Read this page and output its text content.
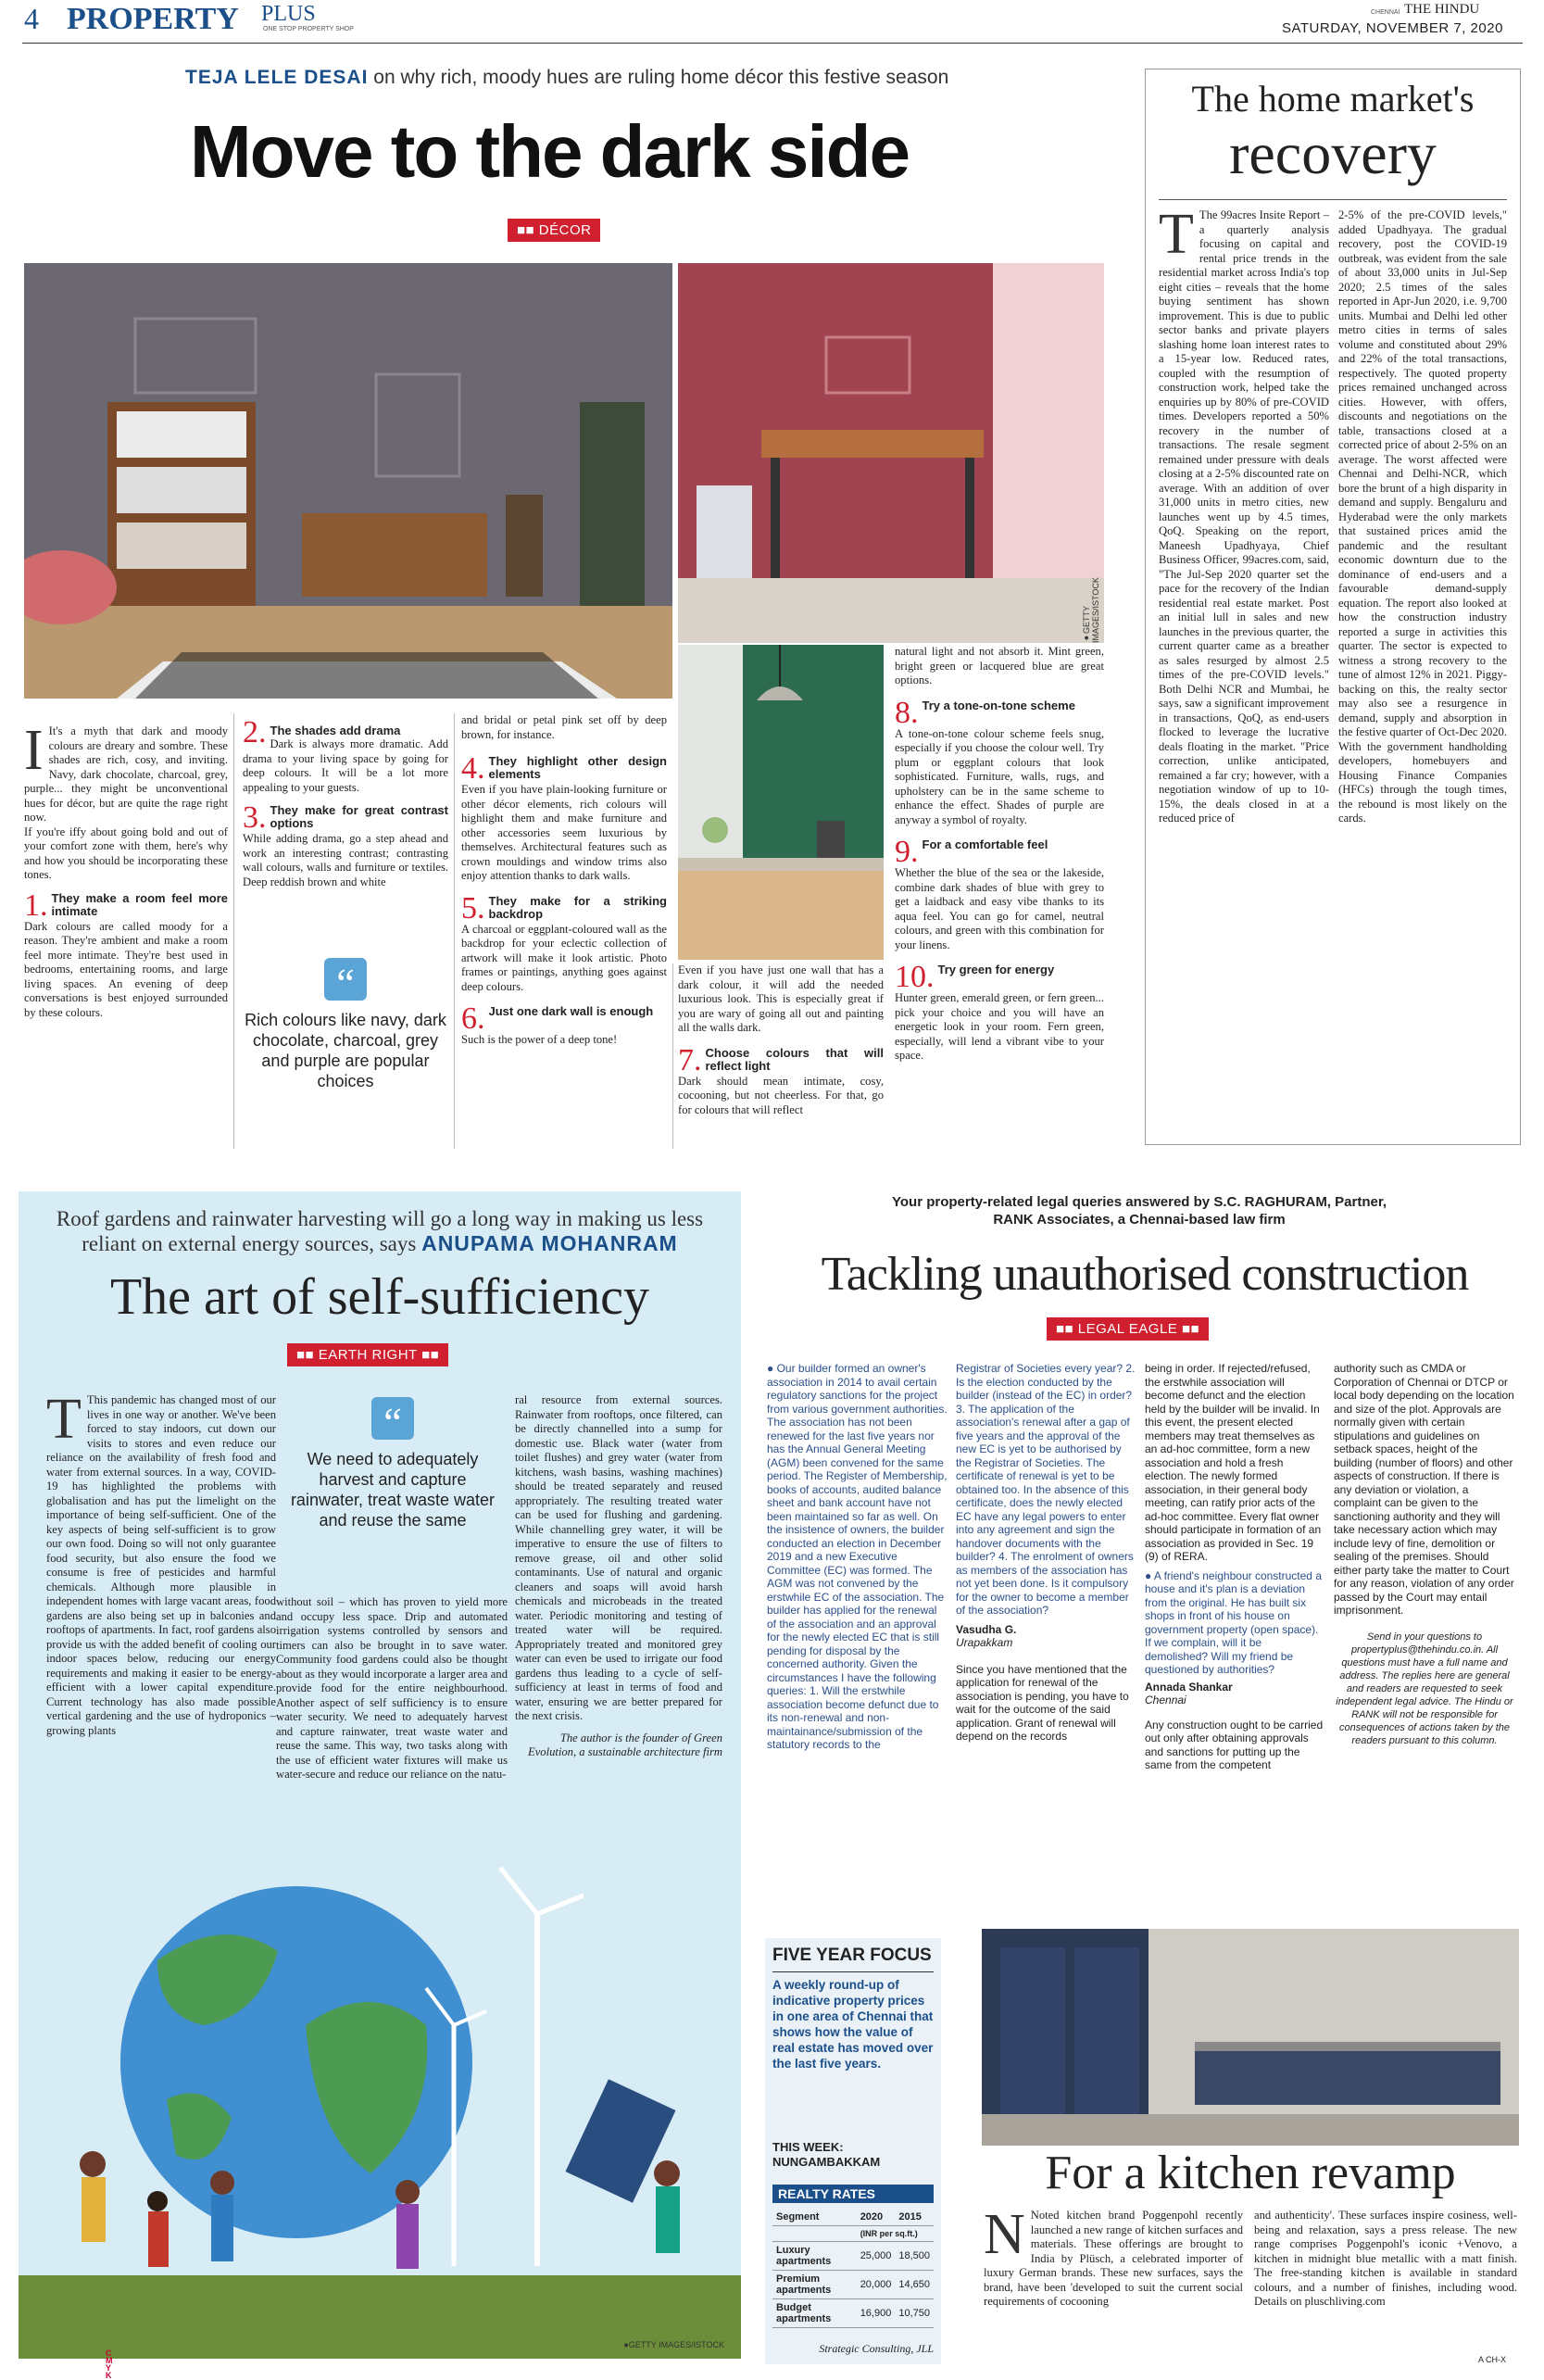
4 PROPERTY PLUS
ONE STOP PROPERTY SHOP
CHENNAI THE HINDU
SATURDAY, NOVEMBER 7, 2020
TEJA LELE DESAI on why rich, moody hues are ruling home décor this festive season
Move to the dark side
■■ DÉCOR
●GETTY IMAGES/ISTOCK
I It's a myth that dark and moody colours are dreary and sombre. These shades are rich, cosy, and inviting. Navy, dark chocolate, charcoal, grey, purple... they might be unconventional hues for décor, but are quite the rage right now.

If you're iffy about going bold and out of your comfort zone with them, here's why and how you should be incorporating these tones.

1. They make a room feel more intimate

Dark colours are called moody for a reason. They're ambient and make a room feel more intimate. They're best used in bedrooms, entertaining rooms, and large living spaces. An evening of deep conversations is best enjoyed surrounded by these colours.

2. The shades add drama

Dark is always more dramatic. Add drama to your living space by going for deep colours. It will be a lot more appealing to your guests.

3. They make for great contrast options

While adding drama, go a step ahead and work an interesting contrast; contrasting wall colours, walls and furniture or textiles. Deep reddish brown and white

“
Rich colours like navy, dark chocolate, charcoal, grey and purple are popular choices

and bridal or petal pink set off by deep brown, for instance.

4. They highlight other design elements

Even if you have plain-looking furniture or other décor elements, rich colours will highlight them and make furniture and other accessories seem luxurious by themselves. Architectural features such as crown mouldings and window trims also enjoy attention thanks to dark walls.

5. They make for a striking backdrop

A charcoal or eggplant-coloured wall as the backdrop for your eclectic collection of artwork will make it look artistic. Photo frames or paintings, anything goes against deep colours.

6. Just one dark wall is enough

Such is the power of a deep tone!

Even if you have just one wall that has a dark colour, it will add the needed luxurious look. This is especially great if you are wary of going all out and painting all the walls dark.

7. Choose colours that will reflect light

Dark should mean intimate, cosy, cocooning, but not cheerless. For that, go for colours that will reflect

natural light and not absorb it. Mint green, bright green or lacquered blue are great options.

8. Try a tone-on-tone scheme

A tone-on-tone colour scheme feels snug, especially if you choose the colour well. Try plum or eggplant colours that look sophisticated. Furniture, walls, rugs, and upholstery can be in the same scheme to enhance the effect. Shades of purple are anyway a symbol of royalty.

9. For a comfortable feel

Whether the blue of the sea or the lakeside, combine dark shades of blue with grey to get a laidback and easy vibe thanks to its aqua feel. You can go for camel, neutral colours, and green with this combination for your linens.

10. Try green for energy

Hunter green, emerald green, or fern green... pick your choice and you will have an energetic look in your room. Fern green, especially, will lend a vibrant vibe to your space.

The home market's
recovery
T The 99acres Insite Report – a quarterly analysis focusing on capital and rental price trends in the residential market across India's top eight cities – reveals that the home buying sentiment has shown improvement. This is due to public sector banks and private players slashing home loan interest rates to a 15-year low. Reduced rates, coupled with the resumption of construction work, helped take the enquiries up by 80% of pre-COVID times. Developers reported a 50% recovery in the number of transactions. The resale segment remained under pressure with deals closing at a 2-5% discounted rate on average. With an addition of over 31,000 units in metro cities, new launches went up by 4.5 times, QoQ. Speaking on the report, Maneesh Upadhyaya, Chief Business Officer, 99acres.com, said, "The Jul-Sep 2020 quarter set the pace for the recovery of the Indian residential real estate market. Post an initial lull in sales and new launches in the previous quarter, the current quarter came as a breather as sales resurged by almost 2.5 times of the pre-COVID levels." Both Delhi NCR and Mumbai, he says, saw a significant improvement in transactions, QoQ, as end-users flocked to leverage the lucrative deals floating in the market. "Price correction, unlike anticipated, remained a far cry; however, with a negotiation window of up to 10-15%, the deals closed in at a reduced price of

2-5% of the pre-COVID levels," added Upadhyaya. The gradual recovery, post the COVID-19 outbreak, was evident from the sale of about 33,000 units in Jul-Sep 2020; 2.5 times of the sales reported in Apr-Jun 2020, i.e. 9,700 units. Mumbai and Delhi led other metro cities in terms of sales volume and constituted about 29% and 22% of the total transactions, respectively. The quoted property prices remained unchanged across cities. However, with offers, discounts and negotiations on the table, transactions closed at a corrected price of about 2-5% on an average. The worst affected were Chennai and Delhi-NCR, which bore the brunt of a high disparity in demand and supply. Bengaluru and Hyderabad were the only markets that sustained prices amid the pandemic and the resultant economic downturn due to the dominance of end-users and a favourable demand-supply equation. The report also looked at how the construction industry reported a surge in activities this quarter. The sector is expected to witness a strong recovery to the tune of almost 12% in 2021. Piggy-backing on this, the realty sector may also see a resurgence in demand, supply and absorption in the festive quarter of Oct-Dec 2020. With the government handholding developers, homebuyers and Housing Finance Companies (HFCs) through the tough times, the rebound is most likely on the cards.

Roof gardens and rainwater harvesting will go a long way in making us less reliant on external energy sources, says ANUPAMA MOHANRAM
The art of self-sufficiency
■■ EARTH RIGHT ■■
T This pandemic has changed most of our lives in one way or another. We've been forced to stay indoors, cut down our visits to stores and even reduce our reliance on the availability of fresh food and water from external sources. In a way, COVID-19 has highlighted the problems with globalisation and has put the limelight on the importance of being self-sufficient. One of the key aspects of being self-sufficient is to grow our own food. Doing so will not only guarantee food security, but also ensure the food we consume is free of pesticides and harmful chemicals. Although more plausible in independent homes with large vacant areas, food gardens are also being set up in balconies and rooftops of apartments. In fact, roof gardens also provide us with the added benefit of cooling our indoor spaces below, reducing our energy requirements and making it easier to be energy-efficient with a lower capital expenditure. Current technology has also made possible vertical gardening and the use of hydroponics – growing plants

“
We need to adequately harvest and capture rainwater, treat waste water and reuse the same

without soil – which has proven to yield more and occupy less space. Drip and automated irrigation systems controlled by sensors and timers can also be brought in to save water. Community food gardens could also be thought about as they would incorporate a larger area and provide food for the entire neighbourhood. Another aspect of self sufficiency is to ensure water security. We need to adequately harvest and capture rainwater, treat waste water and reuse the same. This way, two tasks along with the use of efficient water fixtures will make us water-secure and reduce our reliance on the natu-

ral resource from external sources. Rainwater from rooftops, once filtered, can be directly channelled into a sump for domestic use. Black water (water from toilet flushes) and grey water (water from kitchens, wash basins, washing machines) should be treated separately and reused appropriately. The resulting treated water can be used for flushing and gardening. While channelling grey water, it will be imperative to ensure the use of filters to remove grease, oil and other solid contaminants. Use of natural and organic cleaners and soaps will avoid harsh chemicals and microbeads in the treated water. Periodic monitoring and testing of treated water will be required. Appropriately treated and monitored grey water can even be used to irrigate our food gardens thus leading to a cycle of self-sufficiency at least in terms of food and water, ensuring we are better prepared for the next crisis.

The author is the founder of Green Evolution, a sustainable architecture firm

●GETTY IMAGES/ISTOCK
Your property-related legal queries answered by S.C. RAGHURAM, Partner, RANK Associates, a Chennai-based law firm
Tackling unauthorised construction
■■ LEGAL EAGLE ■■

● Our builder formed an owner's association in 2014 to avail certain regulatory sanctions for the project from various government authorities. The association has not been renewed for the last five years nor has the Annual General Meeting (AGM) been convened for the same period. The Register of Membership, books of accounts, audited balance sheet and bank account have not been maintained so far as well. On the insistence of owners, the builder conducted an election in December 2019 and a new Executive Committee (EC) was formed. The AGM was not convened by the erstwhile EC of the association. The builder has applied for the renewal of the association and an approval for the newly elected EC that is still pending for disposal by the concerned authority. Given the circumstances I have the following queries: 1. Will the erstwhile association become defunct due to its non-renewal and non-maintainance/submission of the statutory records to the

Registrar of Societies every year? 2. Is the election conducted by the builder (instead of the EC) in order? 3. The application of the association's renewal after a gap of five years and the approval of the new EC is yet to be authorised by the Registrar of Societies. The certificate of renewal is yet to be obtained too. In the absence of this certificate, does the newly elected EC have any legal powers to enter into any agreement and sign the handover documents with the builder? 4. The enrolment of owners as members of the association has not yet been done. Is it compulsory for the owner to become a member of the association?

Vasudha G.

Urapakkam

Since you have mentioned that the application for renewal of the association is pending, you have to wait for the outcome of the said application. Grant of renewal will depend on the records

being in order. If rejected/refused, the erstwhile association will become defunct and the election held by the builder will be invalid. In this event, the present elected members may treat themselves as an ad-hoc committee, form a new association and hold a fresh election. The newly formed association, in their general body meeting, can ratify prior acts of the ad-hoc committee. Every flat owner should participate in formation of an association as provided in Sec. 19 (9) of RERA.

● A friend's neighbour constructed a house and it's plan is a deviation from the original. He has built six shops in front of his house on government property (open space). If we complain, will it be demolished? Will my friend be questioned by authorities?

Annada Shankar

Chennai

Any construction ought to be carried out only after obtaining approvals and sanctions for putting up the same from the competent

authority such as CMDA or Corporation of Chennai or DTCP or local body depending on the location and size of the plot. Approvals are normally given with certain stipulations and guidelines on setback spaces, height of the building (number of floors) and other aspects of construction. If there is any deviation or violation, a complaint can be given to the sanctioning authority and they will take necessary action which may include levy of fine, demolition or sealing of the premises. Should either party take the matter to Court for any reason, violation of any order passed by the Court may entail imprisonment.

Send in your questions to propertyplus@thehindu.co.in. All questions must have a full name and address. The replies here are general and readers are requested to seek independent legal advice. The Hindu or RANK will not be responsible for consequences of actions taken by the readers pursuant to this column.

FIVE YEAR FOCUS
A weekly round-up of indicative property prices in one area of Chennai that shows how the value of real estate has moved over the last five years.
THIS WEEK:
NUNGAMBAKKAM
REALTY RATES
Segment	2020	2015
	(INR per sq.ft.)	
Luxury apartments	25,000	18,500
Premium apartments	20,000	14,650
Budget apartments	16,900	10,750
Strategic Consulting, JLL
For a kitchen revamp
N Noted kitchen brand Poggenpohl recently launched a new range of kitchen surfaces and materials. These offerings are brought to India by Plüsch, a celebrated importer of luxury German brands. These new surfaces, says the brand, have been 'developed to suit the current social requirements of cocooning

and authenticity'. These surfaces inspire cosiness, well-being and relaxation, says a press release. The new range comprises Poggenpohl's iconic +Venovo, a kitchen in midnight blue metallic with a matt finish. The free-standing kitchen is available in standard colours, and a number of finishes, including wood. Details on pluschliving.com

CMYK
A CH-X
